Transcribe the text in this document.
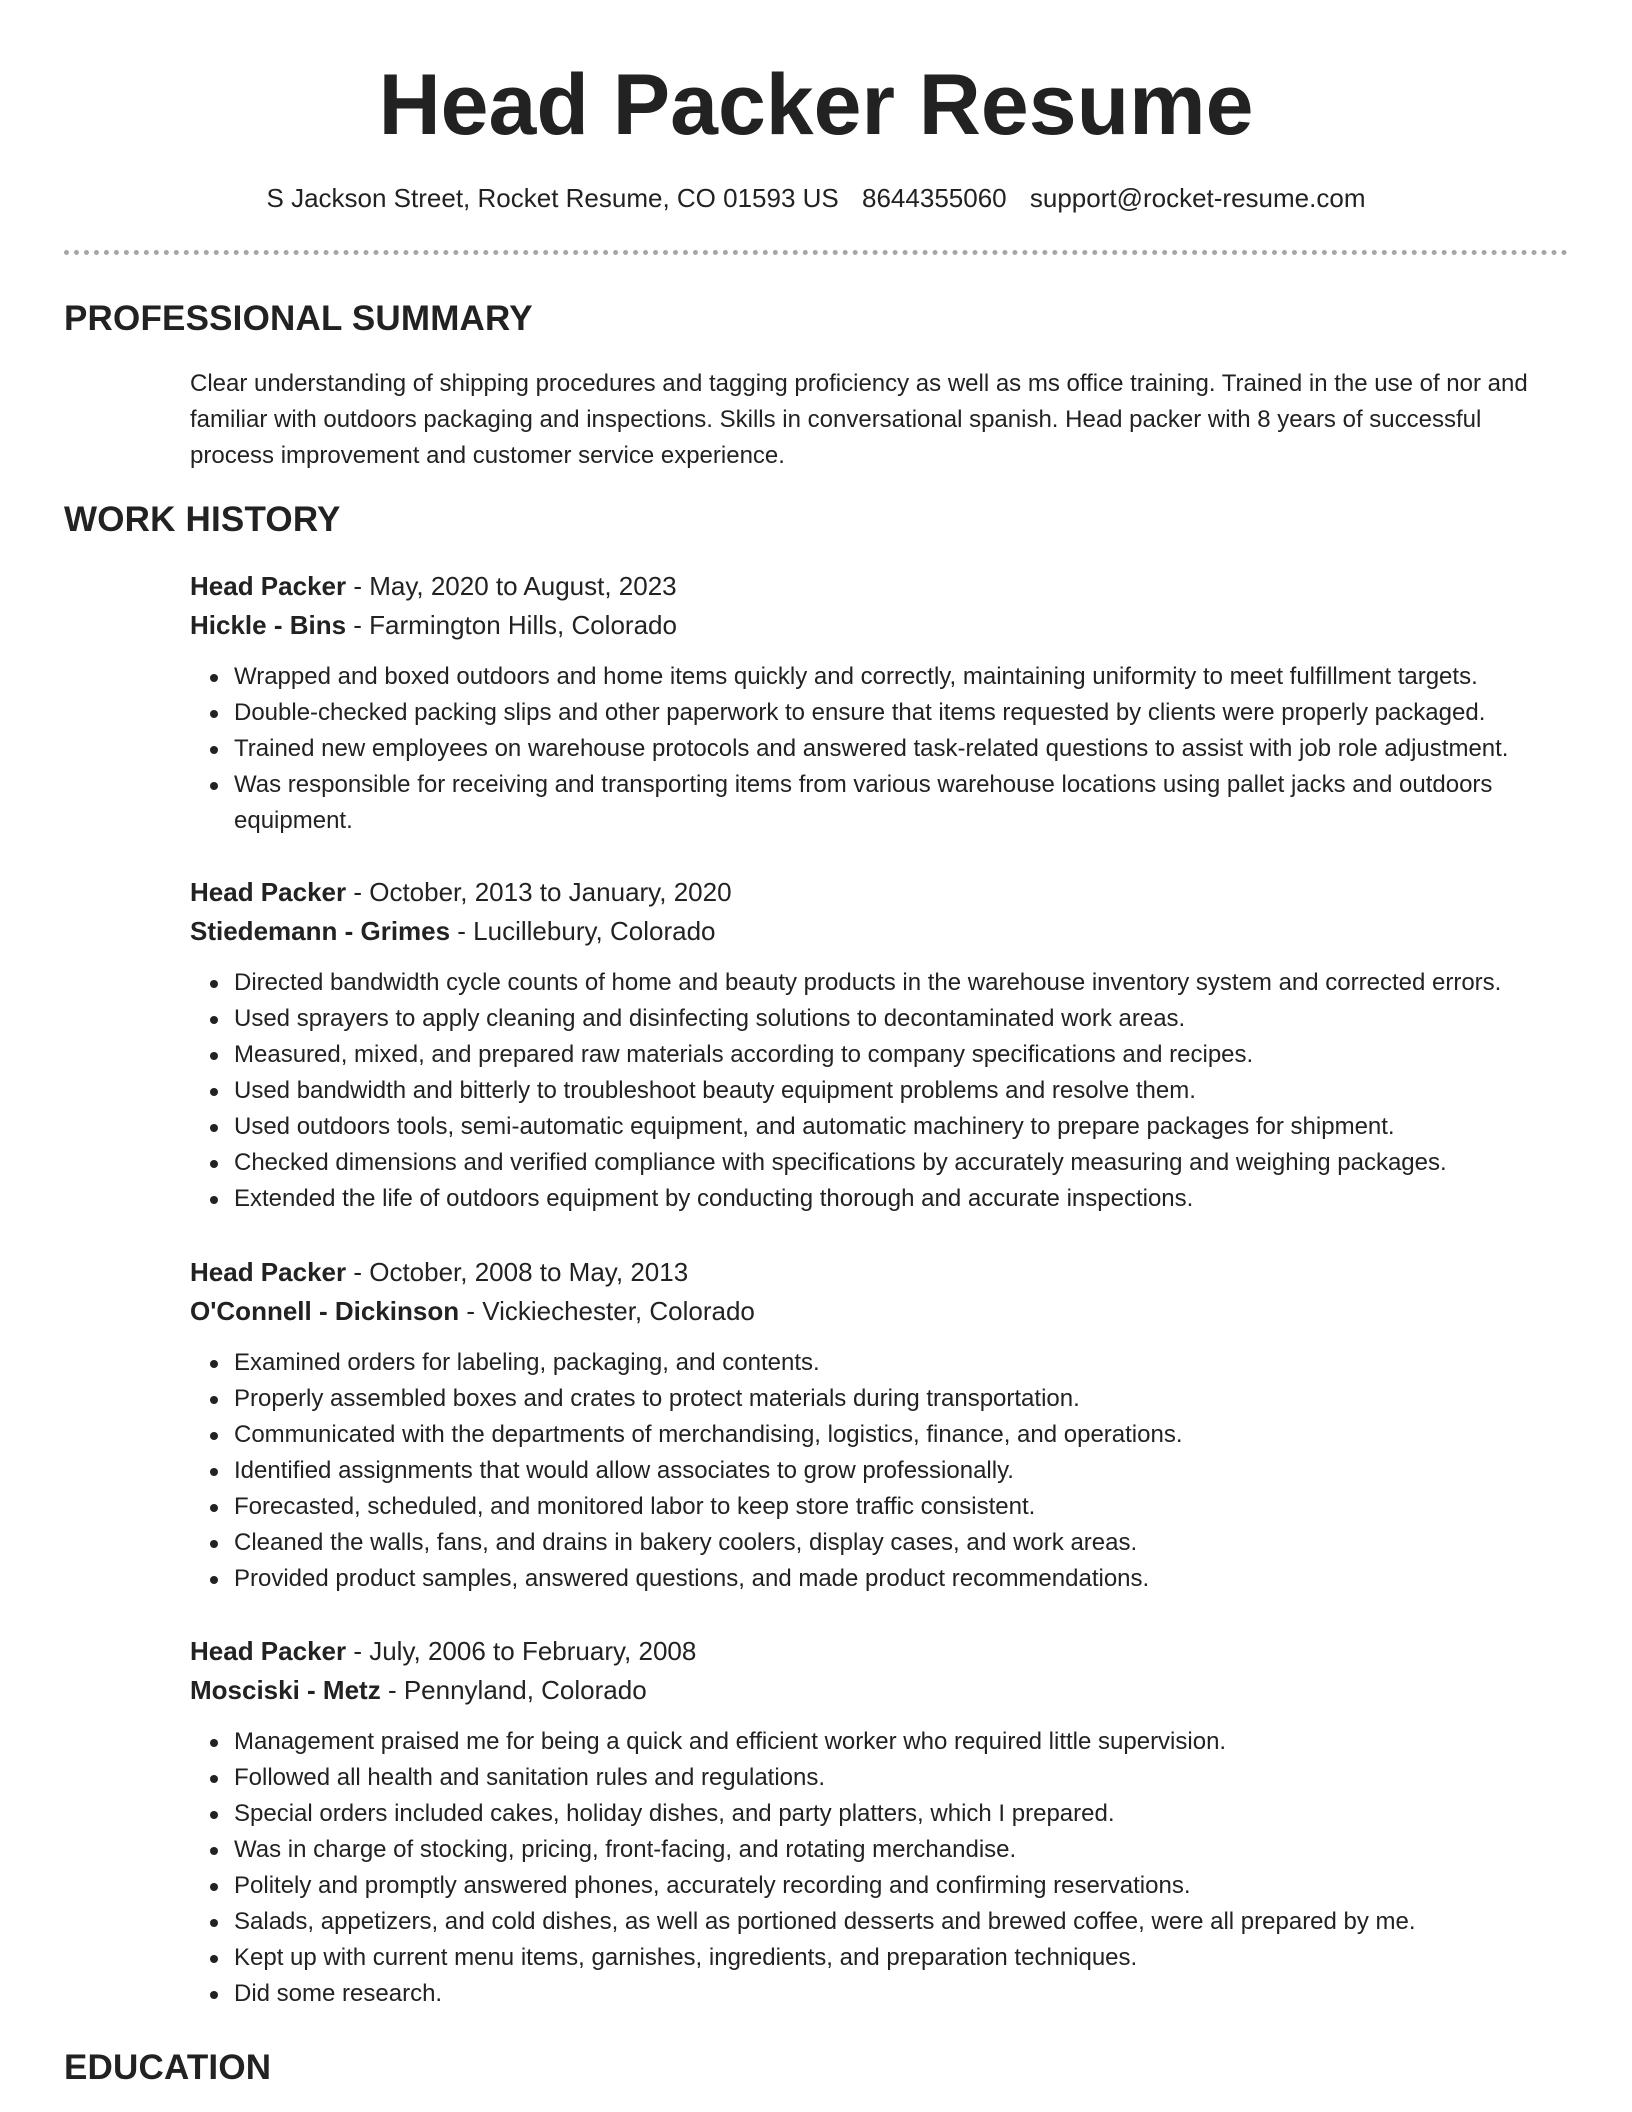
Head Packer Resume
S Jackson Street, Rocket Resume, CO 01593 US 8644355060 support@rocket-resume.com
PROFESSIONAL SUMMARY

Clear understanding of shipping procedures and tagging proficiency as well as ms office training. Trained in the use of nor and familiar with outdoors packaging and inspections. Skills in conversational spanish. Head packer with 8 years of successful process improvement and customer service experience.

WORK HISTORY

Head Packer - May, 2020 to August, 2023

Hickle - Bins - Farmington Hills, Colorado

Wrapped and boxed outdoors and home items quickly and correctly, maintaining uniformity to meet fulfillment targets.
Double-checked packing slips and other paperwork to ensure that items requested by clients were properly packaged.
Trained new employees on warehouse protocols and answered task-related questions to assist with job role adjustment.
Was responsible for receiving and transporting items from various warehouse locations using pallet jacks and outdoors equipment.

Head Packer - October, 2013 to January, 2020

Stiedemann - Grimes - Lucillebury, Colorado

Directed bandwidth cycle counts of home and beauty products in the warehouse inventory system and corrected errors.
Used sprayers to apply cleaning and disinfecting solutions to decontaminated work areas.
Measured, mixed, and prepared raw materials according to company specifications and recipes.
Used bandwidth and bitterly to troubleshoot beauty equipment problems and resolve them.
Used outdoors tools, semi-automatic equipment, and automatic machinery to prepare packages for shipment.
Checked dimensions and verified compliance with specifications by accurately measuring and weighing packages.
Extended the life of outdoors equipment by conducting thorough and accurate inspections.

Head Packer - October, 2008 to May, 2013

O'Connell - Dickinson - Vickiechester, Colorado

Examined orders for labeling, packaging, and contents.
Properly assembled boxes and crates to protect materials during transportation.
Communicated with the departments of merchandising, logistics, finance, and operations.
Identified assignments that would allow associates to grow professionally.
Forecasted, scheduled, and monitored labor to keep store traffic consistent.
Cleaned the walls, fans, and drains in bakery coolers, display cases, and work areas.
Provided product samples, answered questions, and made product recommendations.

Head Packer - July, 2006 to February, 2008

Mosciski - Metz - Pennyland, Colorado

Management praised me for being a quick and efficient worker who required little supervision.
Followed all health and sanitation rules and regulations.
Special orders included cakes, holiday dishes, and party platters, which I prepared.
Was in charge of stocking, pricing, front-facing, and rotating merchandise.
Politely and promptly answered phones, accurately recording and confirming reservations.
Salads, appetizers, and cold dishes, as well as portioned desserts and brewed coffee, were all prepared by me.
Kept up with current menu items, garnishes, ingredients, and preparation techniques.
Did some research.
EDUCATION
